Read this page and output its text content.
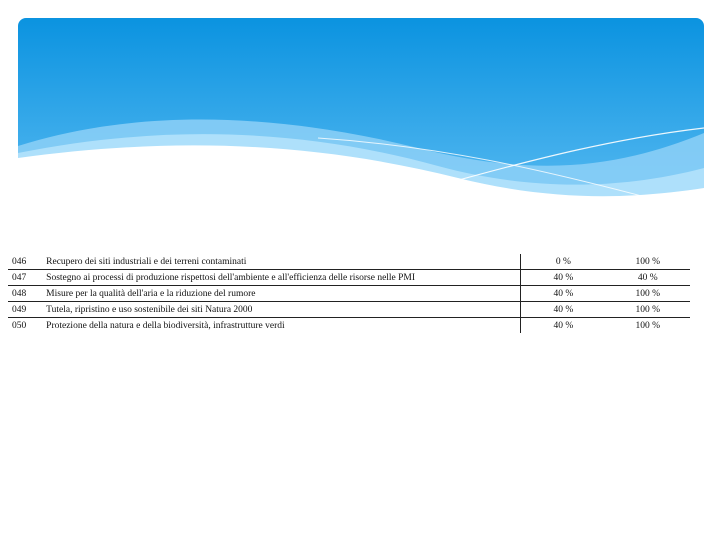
046	Recupero dei siti industriali e dei terreni contaminati	0 %	100 %
047	Sostegno ai processi di produzione rispettosi dell'ambiente e all'efficienza delle risorse nelle PMI	40 %	40 %
048	Misure per la qualità dell'aria e la riduzione del rumore	40 %	100 %
049	Tutela, ripristino e uso sostenibile dei siti Natura 2000	40 %	100 %
050	Protezione della natura e della biodiversità, infrastrutture verdi	40 %	100 %
